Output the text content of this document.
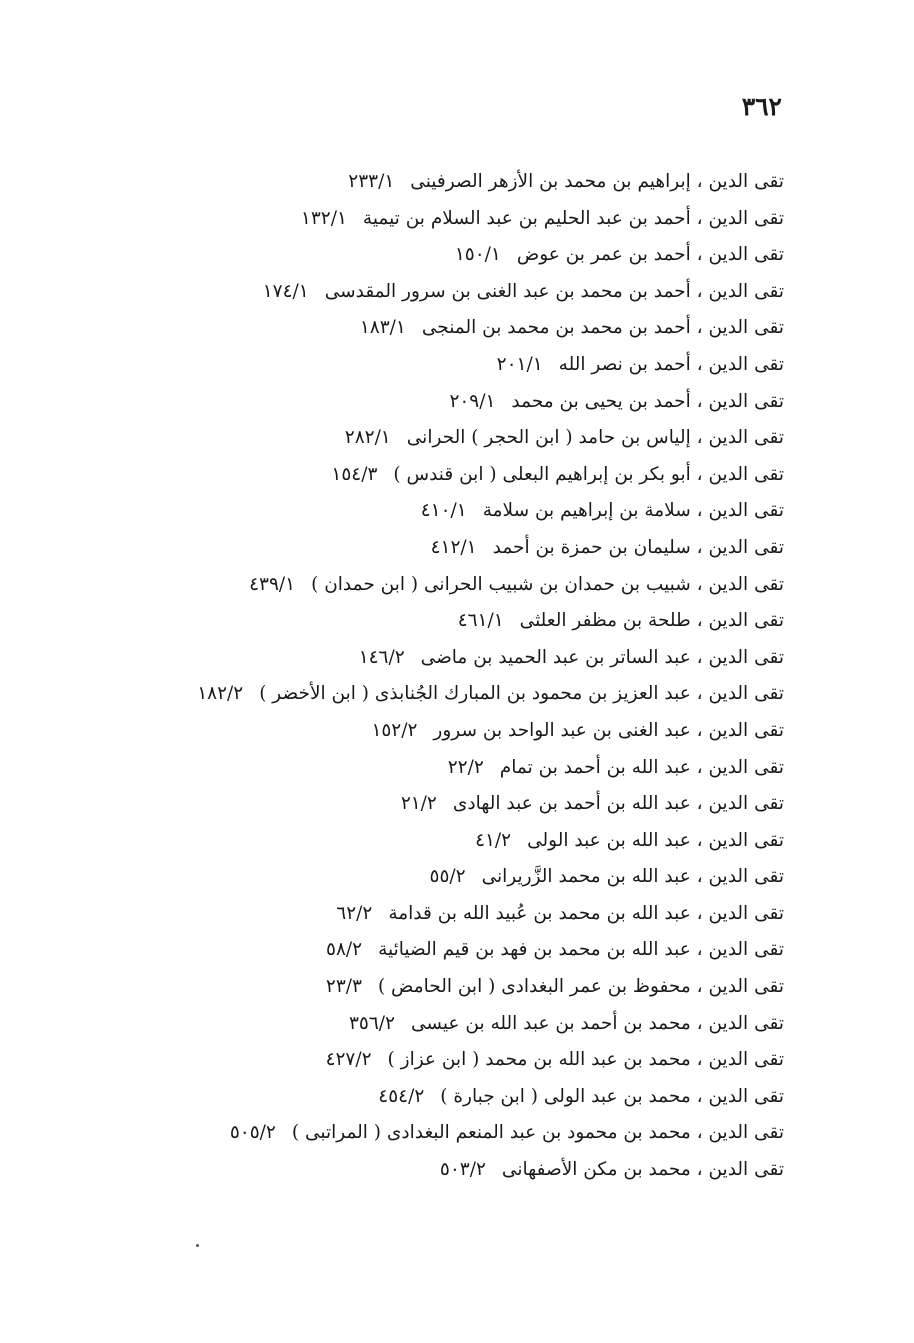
٣٦٢
تقى الدين ، إبراهيم بن محمد بن الأزهر الصرفينى٢٣٣/١
تقى الدين ، أحمد بن عبد الحليم بن عبد السلام بن تيمية١٣٢/١
تقى الدين ، أحمد بن عمر بن عوض١٥٠/١
تقى الدين ، أحمد بن محمد بن عبد الغنى بن سرور المقدسى١٧٤/١
تقى الدين ، أحمد بن محمد بن محمد بن المنجى١٨٣/١
تقى الدين ، أحمد بن نصر الله٢٠١/١
تقى الدين ، أحمد بن يحيى بن محمد٢٠٩/١
تقى الدين ، إلياس بن حامد ( ابن الحجر ) الحرانى٢٨٢/١
تقى الدين ، أبو بكر بن إبراهيم البعلى ( ابن قندس )١٥٤/٣
تقى الدين ، سلامة بن إبراهيم بن سلامة٤١٠/١
تقى الدين ، سليمان بن حمزة بن أحمد٤١٢/١
تقى الدين ، شبيب بن حمدان بن شبيب الحرانى ( ابن حمدان )٤٣٩/١
تقى الدين ، طلحة بن مظفر العلثى٤٦١/١
تقى الدين ، عبد الساتر بن عبد الحميد بن ماضى١٤٦/٢
تقى الدين ، عبد العزيز بن محمود بن المبارك الجُنابذى ( ابن الأخضر )١٨٢/٢
تقى الدين ، عبد الغنى بن عبد الواحد بن سرور١٥٢/٢
تقى الدين ، عبد الله بن أحمد بن تمام٢٢/٢
تقى الدين ، عبد الله بن أحمد بن عبد الهادى٢١/٢
تقى الدين ، عبد الله بن عبد الولى٤١/٢
تقى الدين ، عبد الله بن محمد الزَّريرانى٥٥/٢
تقى الدين ، عبد الله بن محمد بن عُبيد الله بن قدامة٦٢/٢
تقى الدين ، عبد الله بن محمد بن فهد بن قيم الضيائية٥٨/٢
تقى الدين ، محفوظ بن عمر البغدادى ( ابن الحامض )٢٣/٣
تقى الدين ، محمد بن أحمد بن عبد الله بن عيسى٣٥٦/٢
تقى الدين ، محمد بن عبد الله بن محمد ( ابن عزاز )٤٢٧/٢
تقى الدين ، محمد بن عبد الولى ( ابن جبارة )٤٥٤/٢
تقى الدين ، محمد بن محمود بن عبد المنعم البغدادى ( المراتبى )٥٠٥/٢
تقى الدين ، محمد بن مكن الأصفهانى٥٠٣/٢
